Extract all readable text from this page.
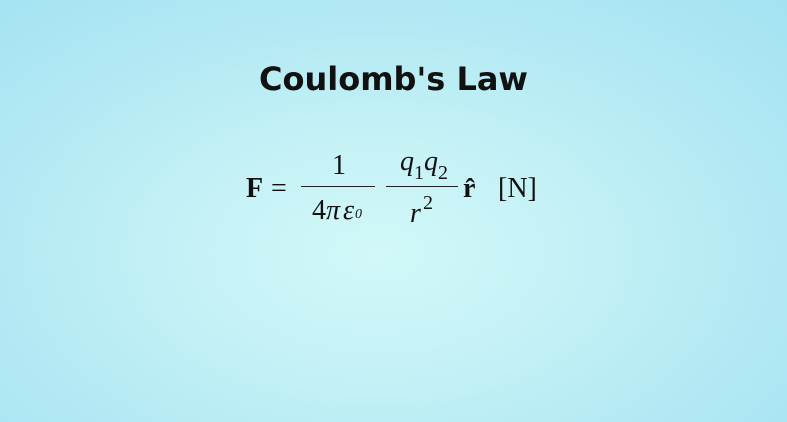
Coulomb's Law
F =
1
4 π ε 0
q 1 q 2
r 2 r̂ [N]
